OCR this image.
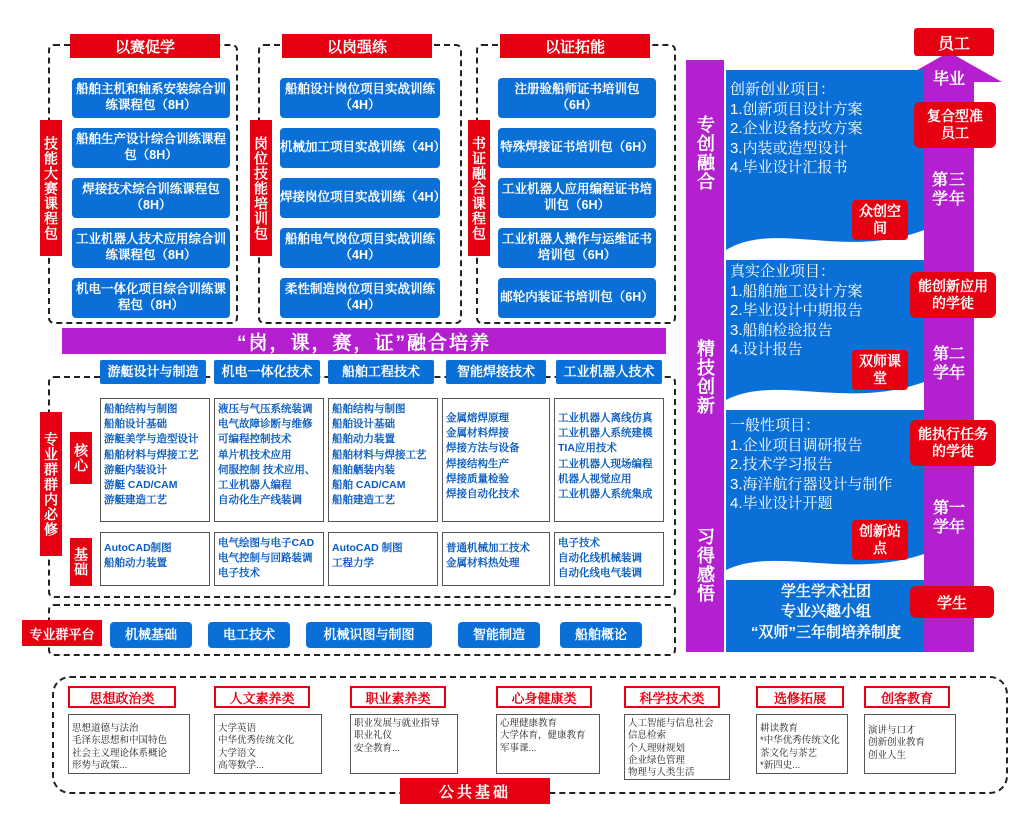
以赛促学	以岗强练	以证拓能
技能大赛课程包	岗位技能培训包	书证融合课程包
船舶主机和轴系安装综合训练课程包（8H）
船舶生产设计综合训练课程包（8H）
焊接技术综合训练课程包（8H）
工业机器人技术应用综合训练课程包（8H）
机电一体化项目综合训练课程包（8H）
船舶设计岗位项目实战训练（4H）
机械加工项目实战训练（4H）
焊接岗位项目实战训练（4H）
船舶电气岗位项目实战训练（4H）
柔性制造岗位项目实战训练（4H）
注册验船师证书培训包（6H）
特殊焊接证书培训包（6H）
工业机器人应用编程证书培训包（6H）
工业机器人操作与运维证书培训包（6H）
邮轮内装证书培训包（6H）
“岗，课，赛，证”融合培养
专业群群内必修 核心
基础
游艇设计与制造	机电一体化技术	船舶工程技术	智能焊接技术	工业机器人技术
船舶结构与制图
船舶设计基础
游艇美学与造型设计
船舶材料与焊接工艺
游艇内装设计
游艇 CAD/CAM
游艇建造工艺
液压与气压系统装调
电气故障诊断与维修
可编程控制技术
单片机技术应用
伺服控制 技术应用、
工业机器人编程
自动化生产线装调
船舶结构与制图
船舶设计基础
船舶动力装置
船舶材料与焊接工艺
船舶舾装内装
船舶 CAD/CAM
船舶建造工艺
金属熔焊原理
金属材料焊接
焊接方法与设备
焊接结构生产
焊接质量检验
焊接自动化技术
工业机器人离线仿真
工业机器人系统建模
TIA应用技术
工业机器人现场编程
机器人视觉应用
工业机器人系统集成
AutoCAD制图
船舶动力装置
电气绘图与电子CAD
电气控制与回路装调
电子技术
AutoCAD 制图
工程力学
普通机械加工技术
金属材料热处理
电子技术
自动化线机械装调
自动化线电气装调
专业群平台	机械基础	电工技术	机械识图与制图	智能制造	船舶概论
思想政治类	人文素养类	职业素养类	心身健康类	科学技术类	选修拓展	创客教育
思想道德与法治
毛泽东思想和中国特色
社会主义理论体系概论
形势与政策...
大学英语
中华优秀传统文化
大学语文
高等数学...
职业发展与就业指导
职业礼仪
安全教育...
心理健康教育
大学体育，健康教育
军事课...
人工智能与信息社会
信息检索
个人理财规划
企业绿色管理
物理与人类生活
耕读教育
*中华优秀传统文化
茶文化与茶艺
*新四史...
演讲与口才
创新创业教育
创业人生
公共基础
专创融合
精技创新
习得感悟
创新创业项目：
1.创新项目设计方案
2.企业设备技改方案
3.内装或造型设计
4.毕业设计汇报书
众创空间
真实企业项目：
1.船舶施工设计方案
2.毕业设计中期报告
3.船舶检验报告
4.设计报告
双师课堂
一般性项目：
1.企业项目调研报告
2.技术学习报告
3.海洋航行器设计与制作
4.毕业设计开题
创新站点
学生学术社团
专业兴趣小组
“双师”三年制培养制度
第三学年
第二学年
第一学年
员工
毕业
复合型准员工
能创新应用的学徒
能执行任务的学徒
学生
